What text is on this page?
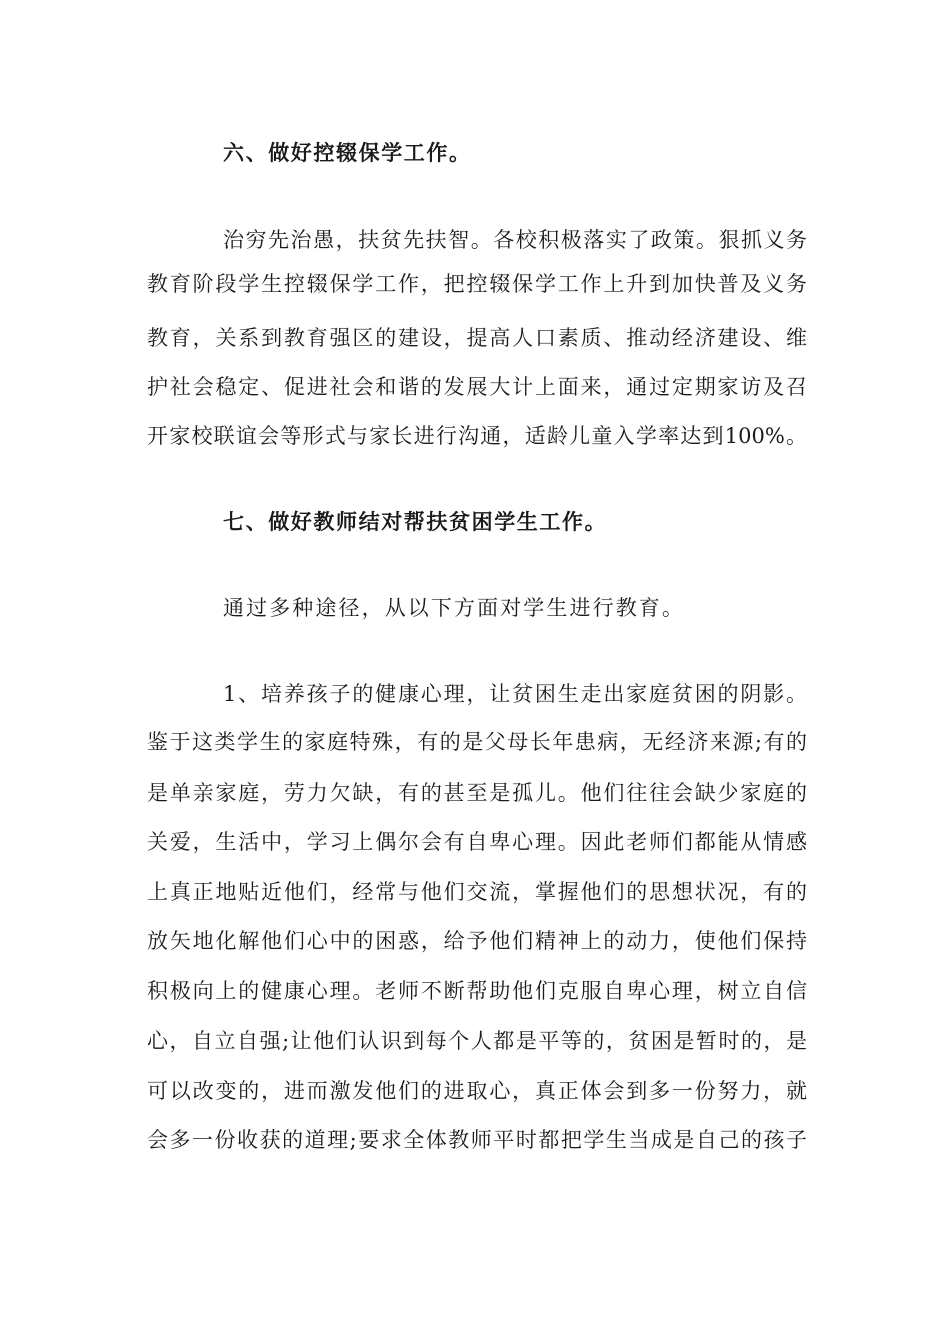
六、做好控辍保学工作。
治穷先治愚，扶贫先扶智。各校积极落实了政策。狠抓义务
教育阶段学生控辍保学工作，把控辍保学工作上升到加快普及义务
教育，关系到教育强区的建设，提高人口素质、推动经济建设、维
护社会稳定、促进社会和谐的发展大计上面来，通过定期家访及召
开家校联谊会等形式与家长进行沟通，适龄儿童入学率达到100%。
七、做好教师结对帮扶贫困学生工作。
通过多种途径，从以下方面对学生进行教育。
1、培养孩子的健康心理，让贫困生走出家庭贫困的阴影。
鉴于这类学生的家庭特殊，有的是父母长年患病，无经济来源;有的
是单亲家庭，劳力欠缺，有的甚至是孤儿。他们往往会缺少家庭的
关爱，生活中，学习上偶尔会有自卑心理。因此老师们都能从情感
上真正地贴近他们，经常与他们交流，掌握他们的思想状况，有的
放矢地化解他们心中的困惑，给予他们精神上的动力，使他们保持
积极向上的健康心理。老师不断帮助他们克服自卑心理，树立自信
心，自立自强;让他们认识到每个人都是平等的，贫困是暂时的，是
可以改变的，进而激发他们的进取心，真正体会到多一份努力，就
会多一份收获的道理;要求全体教师平时都把学生当成是自己的孩子
